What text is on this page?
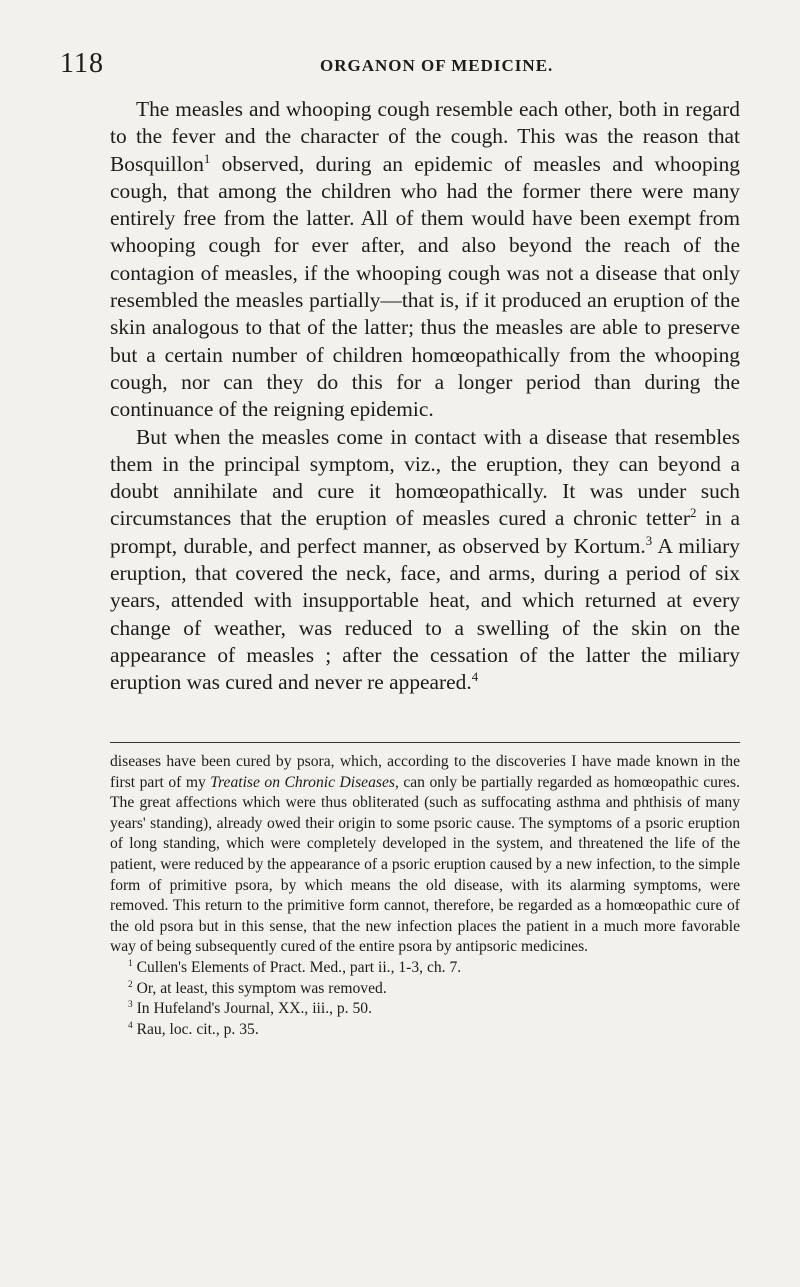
118	ORGANON OF MEDICINE.

The measles and whooping cough resemble each other, both in regard to the fever and the character of the cough. This was the reason that Bosquillon$^1$ observed, during an epidemic of measles and whooping cough, that among the children who had the former there were many entirely free from the latter. All of them would have been exempt from whooping cough for ever after, and also beyond the reach of the contagion of measles, if the whooping cough was not a disease that only resembled the measles partially—that is, if it produced an eruption of the skin analogous to that of the latter; thus the measles are able to preserve but a certain number of children homœopathically from the whooping cough, nor can they do this for a longer period than during the continuance of the reigning epidemic.

But when the measles come in contact with a disease that resembles them in the principal symptom, viz., the eruption, they can beyond a doubt annihilate and cure it homœopathically. It was under such circumstances that the eruption of measles cured a chronic tetter$^2$ in a prompt, durable, and perfect manner, as observed by Kortum.$^3$ A miliary eruption, that covered the neck, face, and arms, during a period of six years, attended with insupportable heat, and which returned at every change of weather, was reduced to a swelling of the skin on the appearance of measles ; after the cessation of the latter the miliary eruption was cured and never re appeared.$^4$

diseases have been cured by psora, which, according to the discoveries I have made known in the first part of my Treatise on Chronic Diseases, can only be partially regarded as homœopathic cures. The great affections which were thus obliterated (such as suffocating asthma and phthisis of many years' standing), already owed their origin to some psoric cause. The symptoms of a psoric eruption of long standing, which were completely developed in the system, and threatened the life of the patient, were reduced by the appearance of a psoric eruption caused by a new infection, to the simple form of primitive psora, by which means the old disease, with its alarming symptoms, were removed. This return to the primitive form cannot, therefore, be regarded as a homœopathic cure of the old psora but in this sense, that the new infection places the patient in a much more favorable way of being subsequently cured of the entire psora by antipsoric medicines.

$^1$ Cullen's Elements of Pract. Med., part ii., 1-3, ch. 7.

$^2$ Or, at least, this symptom was removed.

$^3$ In Hufeland's Journal, XX., iii., p. 50.

$^4$ Rau, loc. cit., p. 35.
